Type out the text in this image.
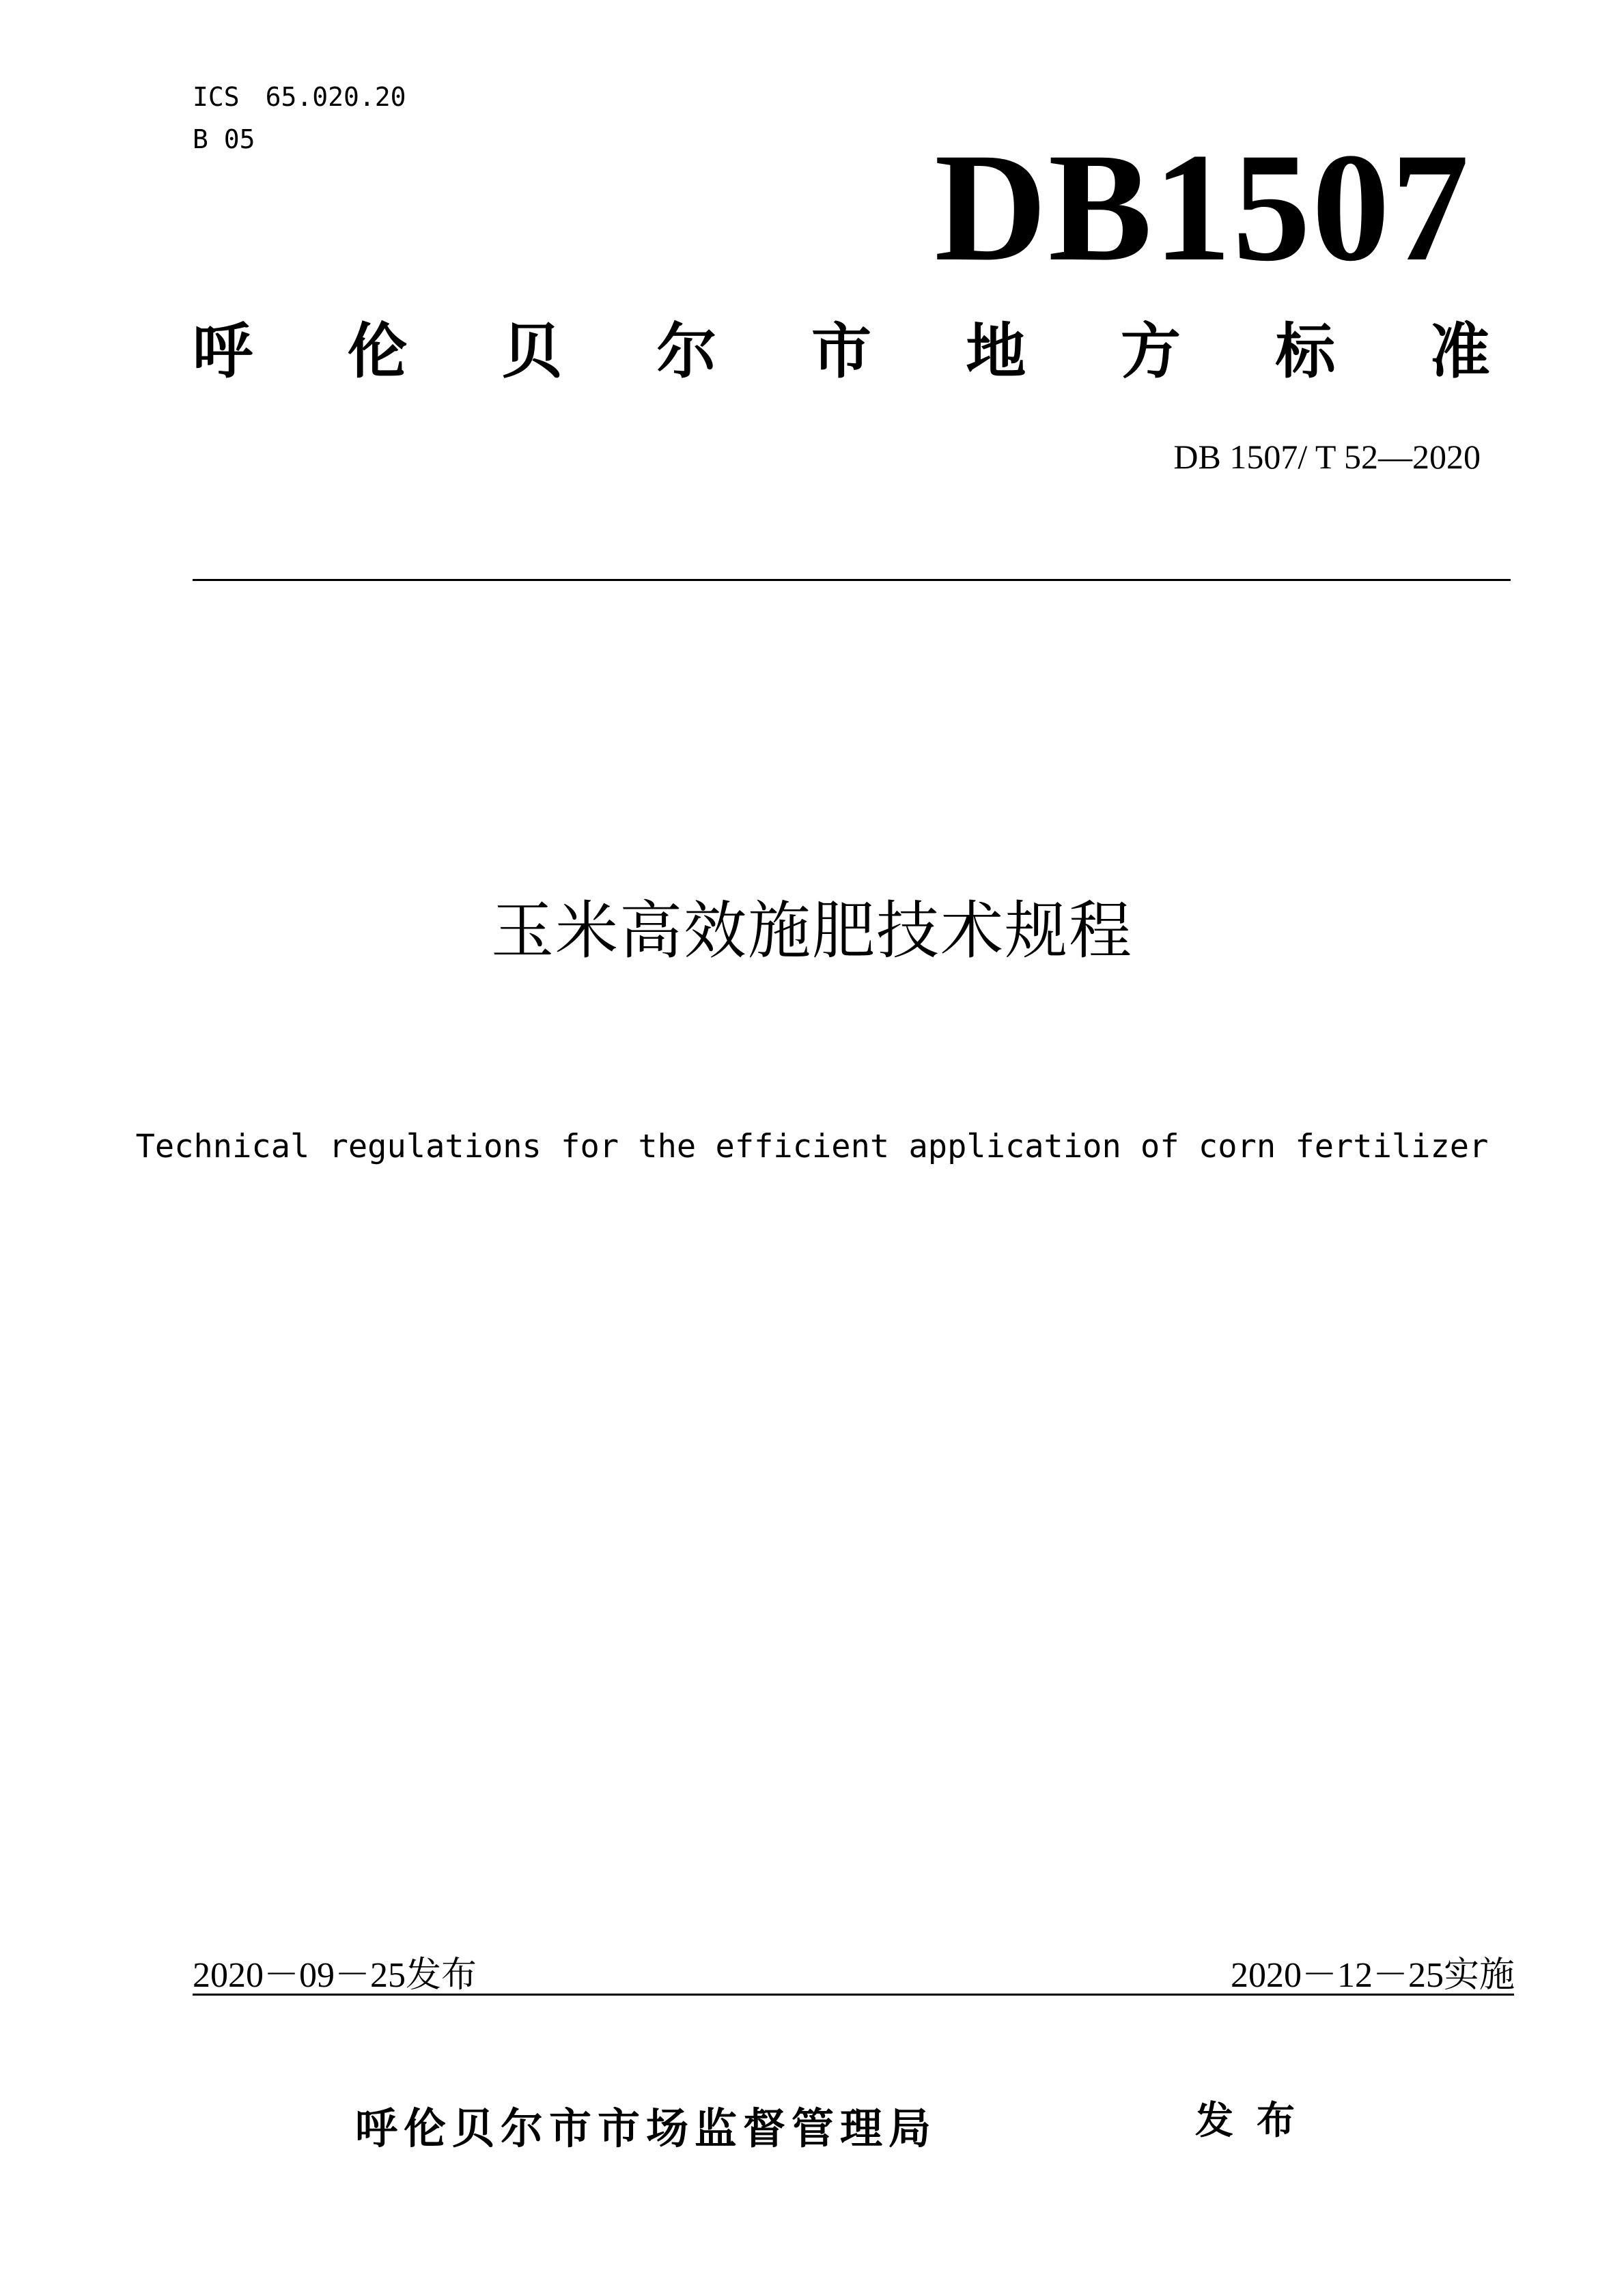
ICS 65.020.20
B 05	DB1507
呼 伦 贝 尔 市 地 方 标 准
DB 1507/ T 52—2020
玉米高效施肥技术规程
Technical regulations for the efficient application of corn fertilizer
2020－09－25发布	2020－12－25实施
呼伦贝尔市市场监督管理局	发布
